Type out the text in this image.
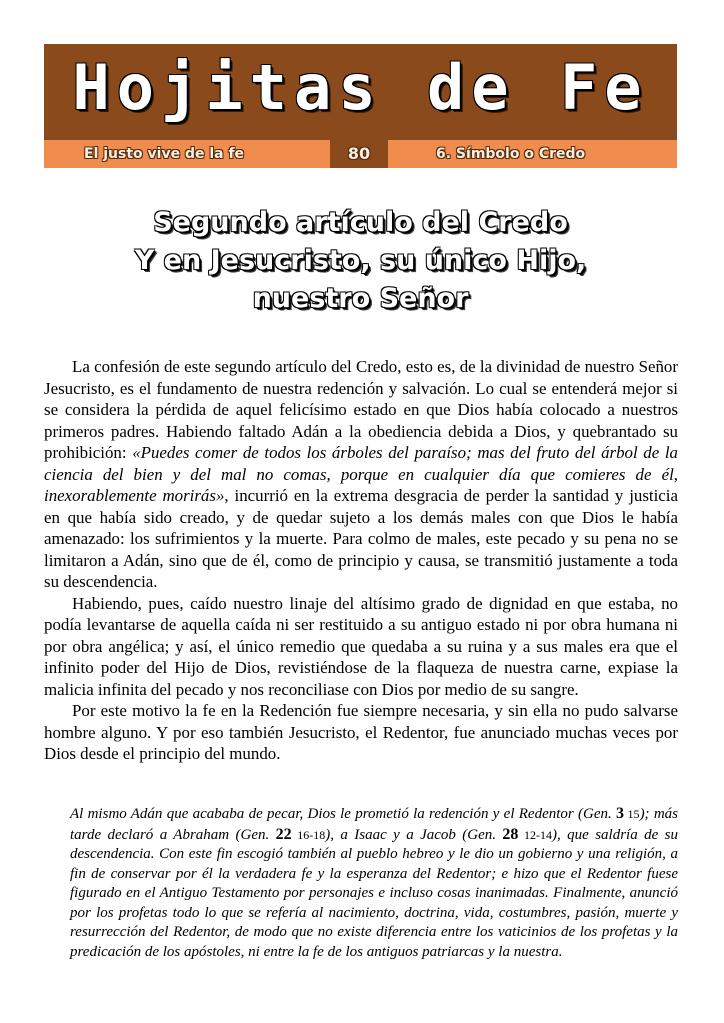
Hojitas de Fe
El justo vive de la fe	80	6. Símbolo o Credo
Segundo artículo del Credo
Y en Jesucristo, su único Hijo,
nuestro Señor

La confesión de este segundo artículo del Credo, esto es, de la divinidad de nuestro Señor Jesucristo, es el fundamento de nuestra redención y salvación. Lo cual se entenderá mejor si se considera la pérdida de aquel felicísimo estado en que Dios había colocado a nuestros primeros padres. Habiendo faltado Adán a la obediencia debida a Dios, y quebrantado su prohibición: «Puedes comer de todos los árboles del paraíso; mas del fruto del árbol de la ciencia del bien y del mal no comas, porque en cualquier día que comieres de él, inexorablemente morirás», incurrió en la extrema desgracia de perder la santidad y justicia en que había sido creado, y de quedar sujeto a los demás males con que Dios le había amenazado: los sufrimientos y la muerte. Para colmo de males, este pecado y su pena no se limitaron a Adán, sino que de él, como de principio y causa, se transmitió justamente a toda su descendencia.

Habiendo, pues, caído nuestro linaje del altísimo grado de dignidad en que estaba, no podía levantarse de aquella caída ni ser restituido a su antiguo estado ni por obra humana ni por obra angélica; y así, el único remedio que quedaba a su ruina y a sus males era que el infinito poder del Hijo de Dios, revistiéndose de la flaqueza de nuestra carne, expiase la malicia infinita del pecado y nos reconciliase con Dios por medio de su sangre.

Por este motivo la fe en la Redención fue siempre necesaria, y sin ella no pudo salvarse hombre alguno. Y por eso también Jesucristo, el Redentor, fue anunciado muchas veces por Dios desde el principio del mundo.

Al mismo Adán que acababa de pecar, Dios le prometió la redención y el Redentor (Gen. 3 15); más tarde declaró a Abraham (Gen. 22 16-18), a Isaac y a Jacob (Gen. 28 12-14), que saldría de su descendencia. Con este fin escogió también al pueblo hebreo y le dio un gobierno y una religión, a fin de conservar por él la verdadera fe y la esperanza del Redentor; e hizo que el Redentor fuese figurado en el Antiguo Testamento por personajes e incluso cosas inanimadas. Finalmente, anunció por los profetas todo lo que se refería al nacimiento, doctrina, vida, costumbres, pasión, muerte y resurrección del Redentor, de modo que no existe diferencia entre los vaticinios de los profetas y la predicación de los apóstoles, ni entre la fe de los antiguos patriarcas y la nuestra.
